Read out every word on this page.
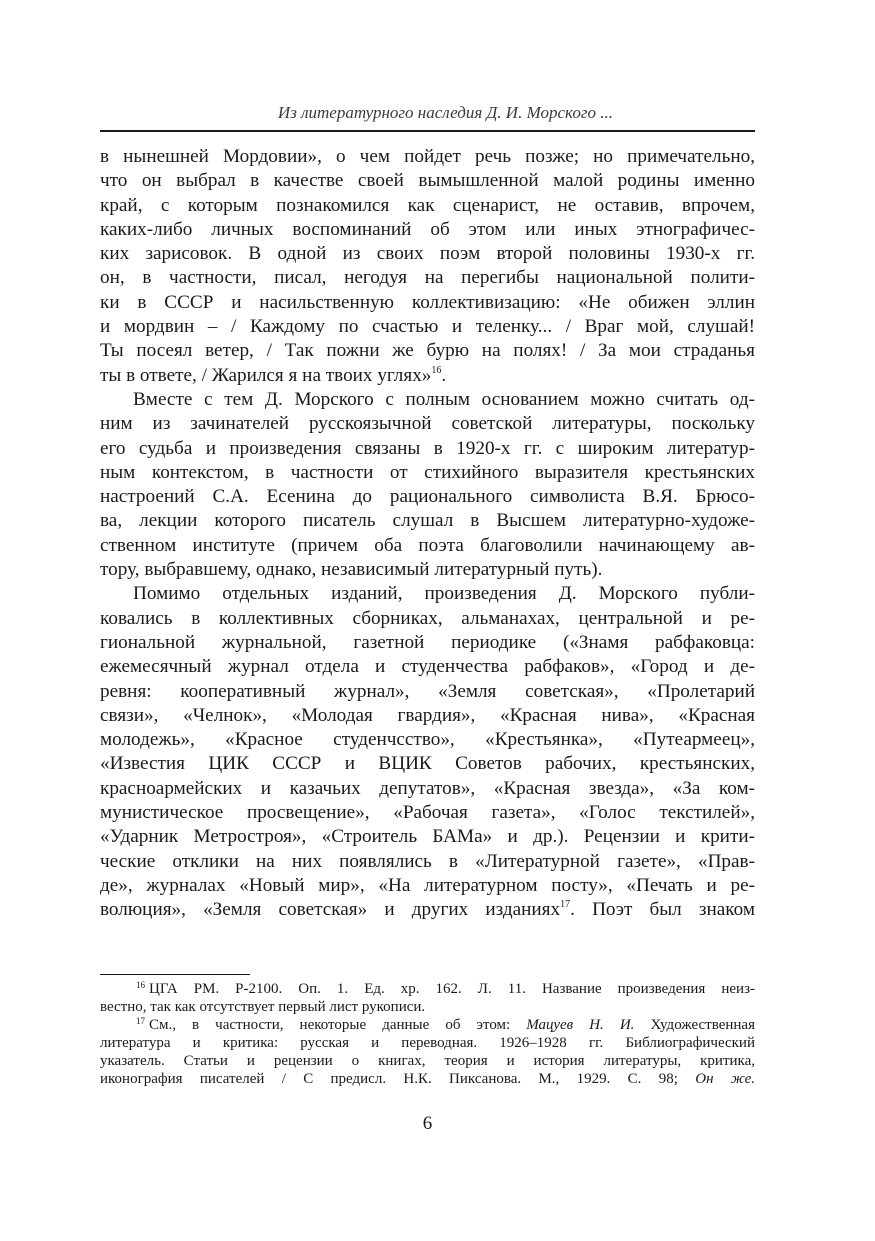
Из литературного наследия Д. И. Морского ...
в нынешней Мордовии», о чем пойдет речь позже; но примечательно,
что он выбрал в качестве своей вымышленной малой родины именно
край, с которым познакомился как сценарист, не оставив, впрочем,
каких-либо личных воспоминаний об этом или иных этнографичес-
ких зарисовок. В одной из своих поэм второй половины 1930-х гг.
он, в частности, писал, негодуя на перегибы национальной полити-
ки в СССР и насильственную коллективизацию: «Не обижен эллин
и мордвин – / Каждому по счастью и теленку... / Враг мой, слушай!
Ты посеял ветер, / Так пожни же бурю на полях! / За мои страданья
ты в ответе, / Жарился я на твоих углях»$^{16}$.
Вместе с тем Д. Морского с полным основанием можно считать од-
ним из зачинателей русскоязычной советской литературы, поскольку
его судьба и произведения связаны в 1920-х гг. с широким литератур-
ным контекстом, в частности от стихийного выразителя крестьянских
настроений С.А. Есенина до рационального символиста В.Я. Брюсо-
ва, лекции которого писатель слушал в Высшем литературно-художе-
ственном институте (причем оба поэта благоволили начинающему ав-
тору, выбравшему, однако, независимый литературный путь).
Помимо отдельных изданий, произведения Д. Морского публи-
ковались в коллективных сборниках, альманахах, центральной и ре-
гиональной журнальной, газетной периодике («Знамя рабфаковца:
ежемесячный журнал отдела и студенчества рабфаков», «Город и де-
ревня: кооперативный журнал», «Земля советская», «Пролетарий
связи», «Челнок», «Молодая гвардия», «Красная нива», «Красная
молодежь», «Красное студенчсство», «Крестьянка», «Путеармеец»,
«Известия ЦИК СССР и ВЦИК Советов рабочих, крестьянских,
красноармейских и казачьих депутатов», «Красная звезда», «За ком-
мунистическое просвещение», «Рабочая газета», «Голос текстилей»,
«Ударник Метростроя», «Строитель БАМа» и др.). Рецензии и крити-
ческие отклики на них появлялись в «Литературной газете», «Прав-
де», журналах «Новый мир», «На литературном посту», «Печать и ре-
волюция», «Земля советская» и других изданиях$^{17}$. Поэт был знаком
$^{16}$ ЦГА РМ. Р-2100. Оп. 1. Ед. хр. 162. Л. 11. Название произведения неиз-
вестно, так как отсутствует первый лист рукописи.
$^{17}$ См., в частности, некоторые данные об этом: Мацуев Н. И. Художественная
литература и критика: русская и переводная. 1926–1928 гг. Библиографический
указатель. Статьи и рецензии о книгах, теория и история литературы, критика,
иконография писателей / С предисл. Н.К. Пиксанова. М., 1929. С. 98; Он же.
6
